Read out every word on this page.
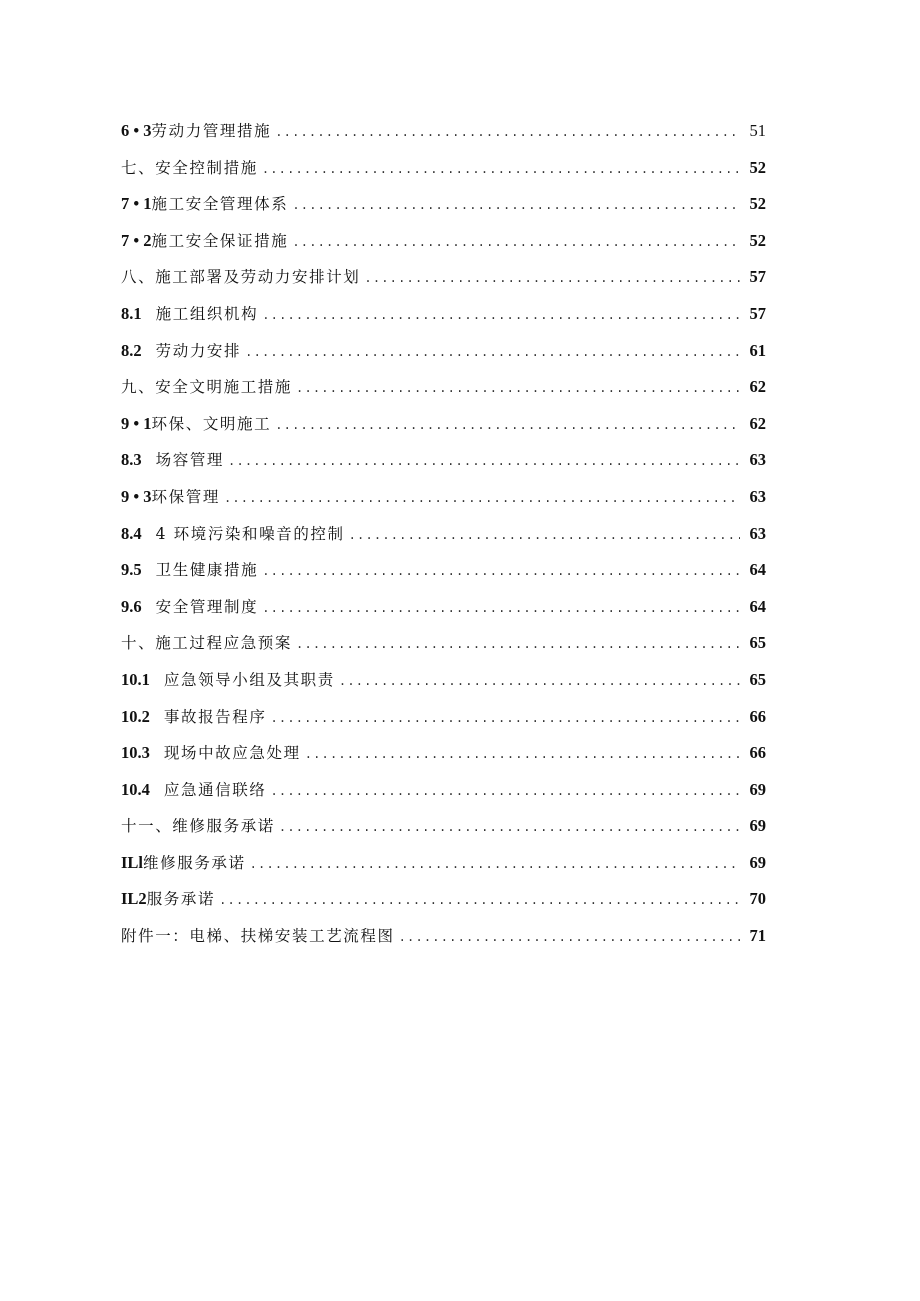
6 • 3 劳动力管理措施 .....	51
七、安全控制措施 .....	52
7 • 1 施工安全管理体系 .....	52
7 • 2 施工安全保证措施 .....	52
八、施工部署及劳动力安排计划 .....	57
8.1 施工组织机构 .....	57
8.2 劳动力安排 .....	61
九、安全文明施工措施 .....	62
9 • 1 环保、文明施工 .....	62
8.3 场容管理 .....	63
9 • 3 环保管理 .....	63
8.4 4 环境污染和噪音的控制 .....	63
9.5 卫生健康措施 .....	64
9.6 安全管理制度 .....	64
十、施工过程应急预案 .....	65
10.1 应急领导小组及其职责 .....	65
10.2 事故报告程序 .....	66
10.3 现场中故应急处理 .....	66
10.4 应急通信联络 .....	69
十一、维修服务承诺 .....	69
ILl 维修服务承诺 .....	69
IL2 服务承诺 .....	70
附件一：电梯、扶梯安装工艺流程图 .....	71
